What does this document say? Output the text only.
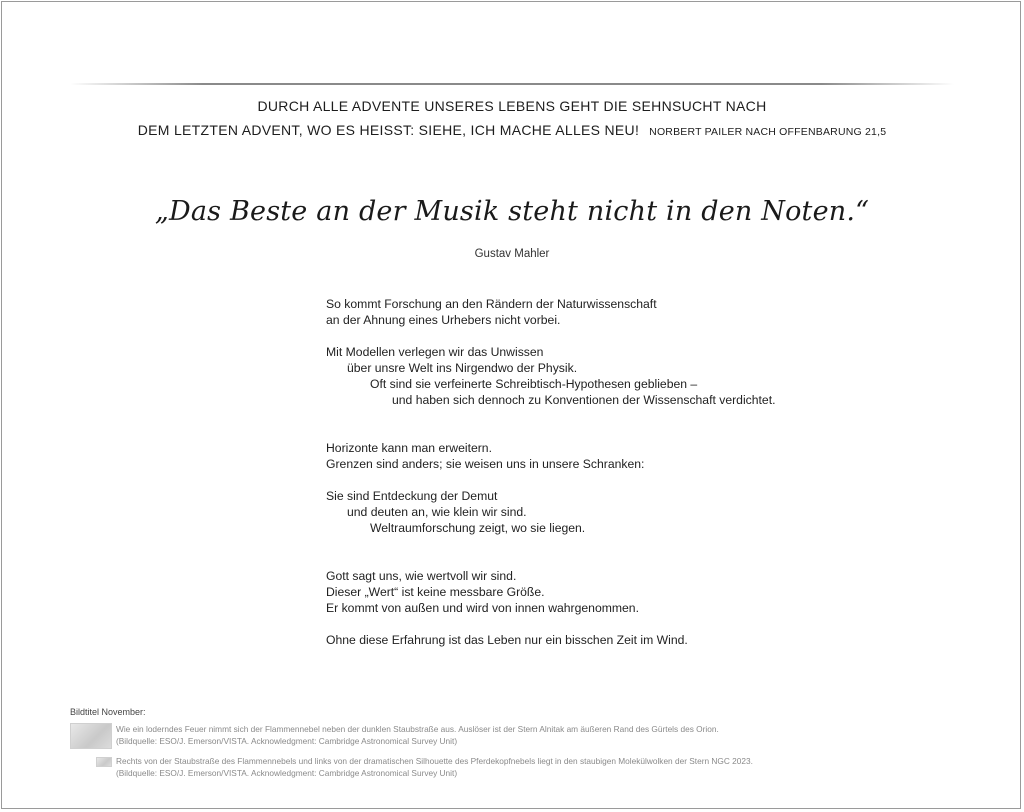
DURCH ALLE ADVENTE UNSERES LEBENS GEHT DIE SEHNSUCHT NACH
DEM LETZTEN ADVENT, WO ES HEISST: SIEHE, ICH MACHE ALLES NEU! NORBERT PAILER NACH OFFENBARUNG 21,5
„Das Beste an der Musik steht nicht in den Noten.“
Gustav Mahler
So kommt Forschung an den Rändern der Naturwissenschaft
an der Ahnung eines Urhebers nicht vorbei.
Mit Modellen verlegen wir das Unwissen
über unsre Welt ins Nirgendwo der Physik.
Oft sind sie verfeinerte Schreibtisch-Hypothesen geblieben –
und haben sich dennoch zu Konventionen der Wissenschaft verdichtet.
Horizonte kann man erweitern.
Grenzen sind anders; sie weisen uns in unsere Schranken:
Sie sind Entdeckung der Demut
und deuten an, wie klein wir sind.
Weltraumforschung zeigt, wo sie liegen.
Gott sagt uns, wie wertvoll wir sind.
Dieser „Wert“ ist keine messbare Größe.
Er kommt von außen und wird von innen wahrgenommen.
Ohne diese Erfahrung ist das Leben nur ein bisschen Zeit im Wind.
Bildtitel November:
Wie ein loderndes Feuer nimmt sich der Flammennebel neben der dunklen Staubstraße aus. Auslöser ist der Stern Alnitak am äußeren Rand des Gürtels des Orion.
(Bildquelle: ESO/J. Emerson/VISTA. Acknowledgment: Cambridge Astronomical Survey Unit)
Rechts von der Staubstraße des Flammennebels und links von der dramatischen Silhouette des Pferdekopfnebels liegt in den staubigen Molekülwolken der Stern NGC 2023.
(Bildquelle: ESO/J. Emerson/VISTA. Acknowledgment: Cambridge Astronomical Survey Unit)
